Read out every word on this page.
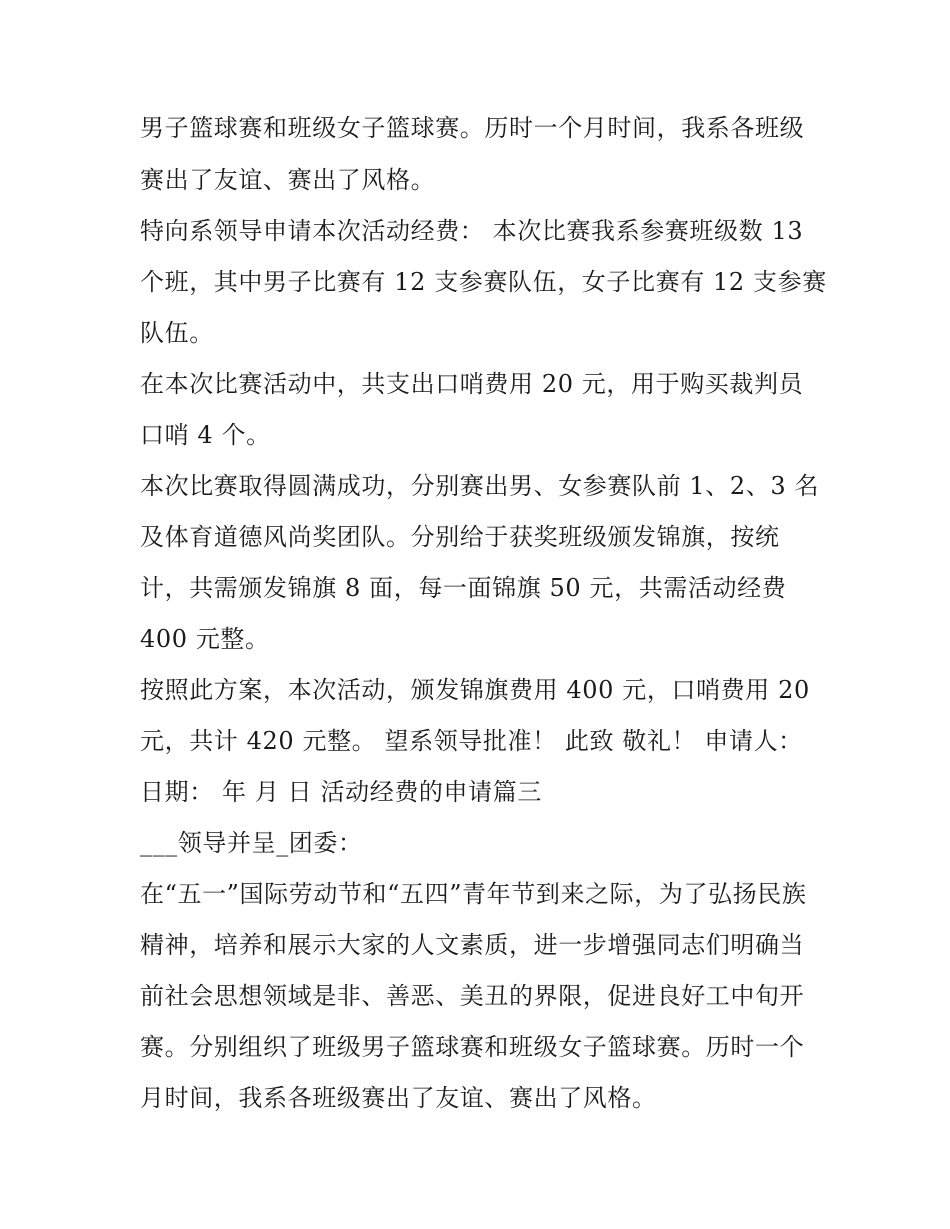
男子篮球赛和班级女子篮球赛。历时一个月时间，我系各班级
赛出了友谊、赛出了风格。
特向系领导申请本次活动经费： 本次比赛我系参赛班级数 13
个班，其中男子比赛有 12 支参赛队伍，女子比赛有 12 支参赛
队伍。
在本次比赛活动中，共支出口哨费用 20 元，用于购买裁判员
口哨 4 个。
本次比赛取得圆满成功，分别赛出男、女参赛队前 1、2、3 名
及体育道德风尚奖团队。分别给于获奖班级颁发锦旗，按统
计，共需颁发锦旗 8 面，每一面锦旗 50 元，共需活动经费
400 元整。
按照此方案，本次活动，颁发锦旗费用 400 元，口哨费用 20
元，共计 420 元整。 望系领导批准！ 此致 敬礼！ 申请人：
日期： 年 月 日 活动经费的申请篇三
___领导并呈_团委：
在“五一”国际劳动节和“五四”青年节到来之际，为了弘扬民族
精神，培养和展示大家的人文素质，进一步增强同志们明确当
前社会思想领域是非、善恶、美丑的界限，促进良好工中旬开
赛。分别组织了班级男子篮球赛和班级女子篮球赛。历时一个
月时间，我系各班级赛出了友谊、赛出了风格。
